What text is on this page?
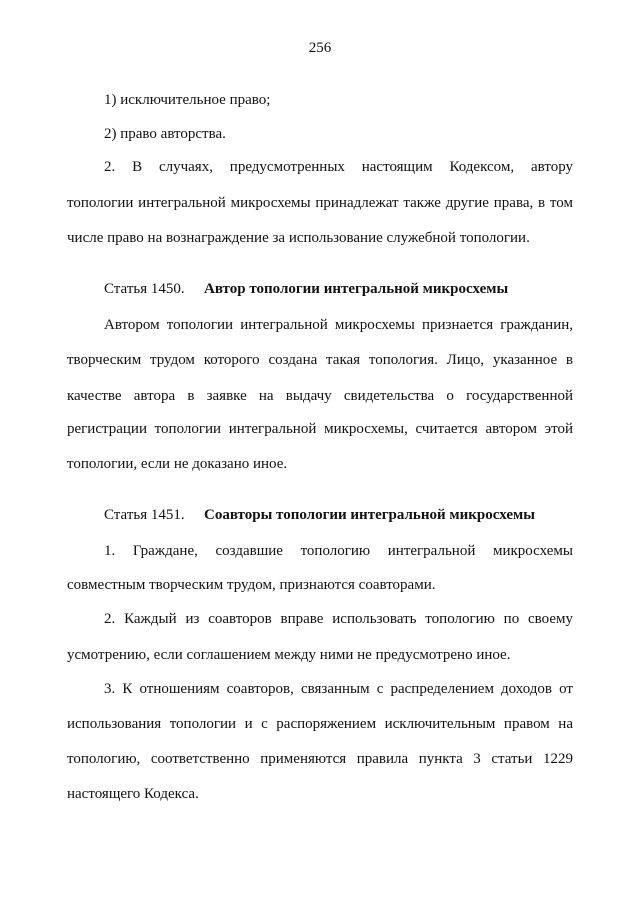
256
1) исключительное право;
2) право авторства.
2. В случаях, предусмотренных настоящим Кодексом, автору
топологии интегральной микросхемы принадлежат также другие права, в том
числе право на вознаграждение за использование служебной топологии.
Статья 1450. Автор топологии интегральной микросхемы
Автором топологии интегральной микросхемы признается гражданин,
творческим трудом которого создана такая топология. Лицо, указанное в
качестве автора в заявке на выдачу свидетельства о государственной
регистрации топологии интегральной микросхемы, считается автором этой
топологии, если не доказано иное.
Статья 1451. Соавторы топологии интегральной микросхемы
1. Граждане, создавшие топологию интегральной микросхемы
совместным творческим трудом, признаются соавторами.
2. Каждый из соавторов вправе использовать топологию по своему
усмотрению, если соглашением между ними не предусмотрено иное.
3. К отношениям соавторов, связанным с распределением доходов от
использования топологии и с распоряжением исключительным правом на
топологию, соответственно применяются правила пункта 3 статьи 1229
настоящего Кодекса.
